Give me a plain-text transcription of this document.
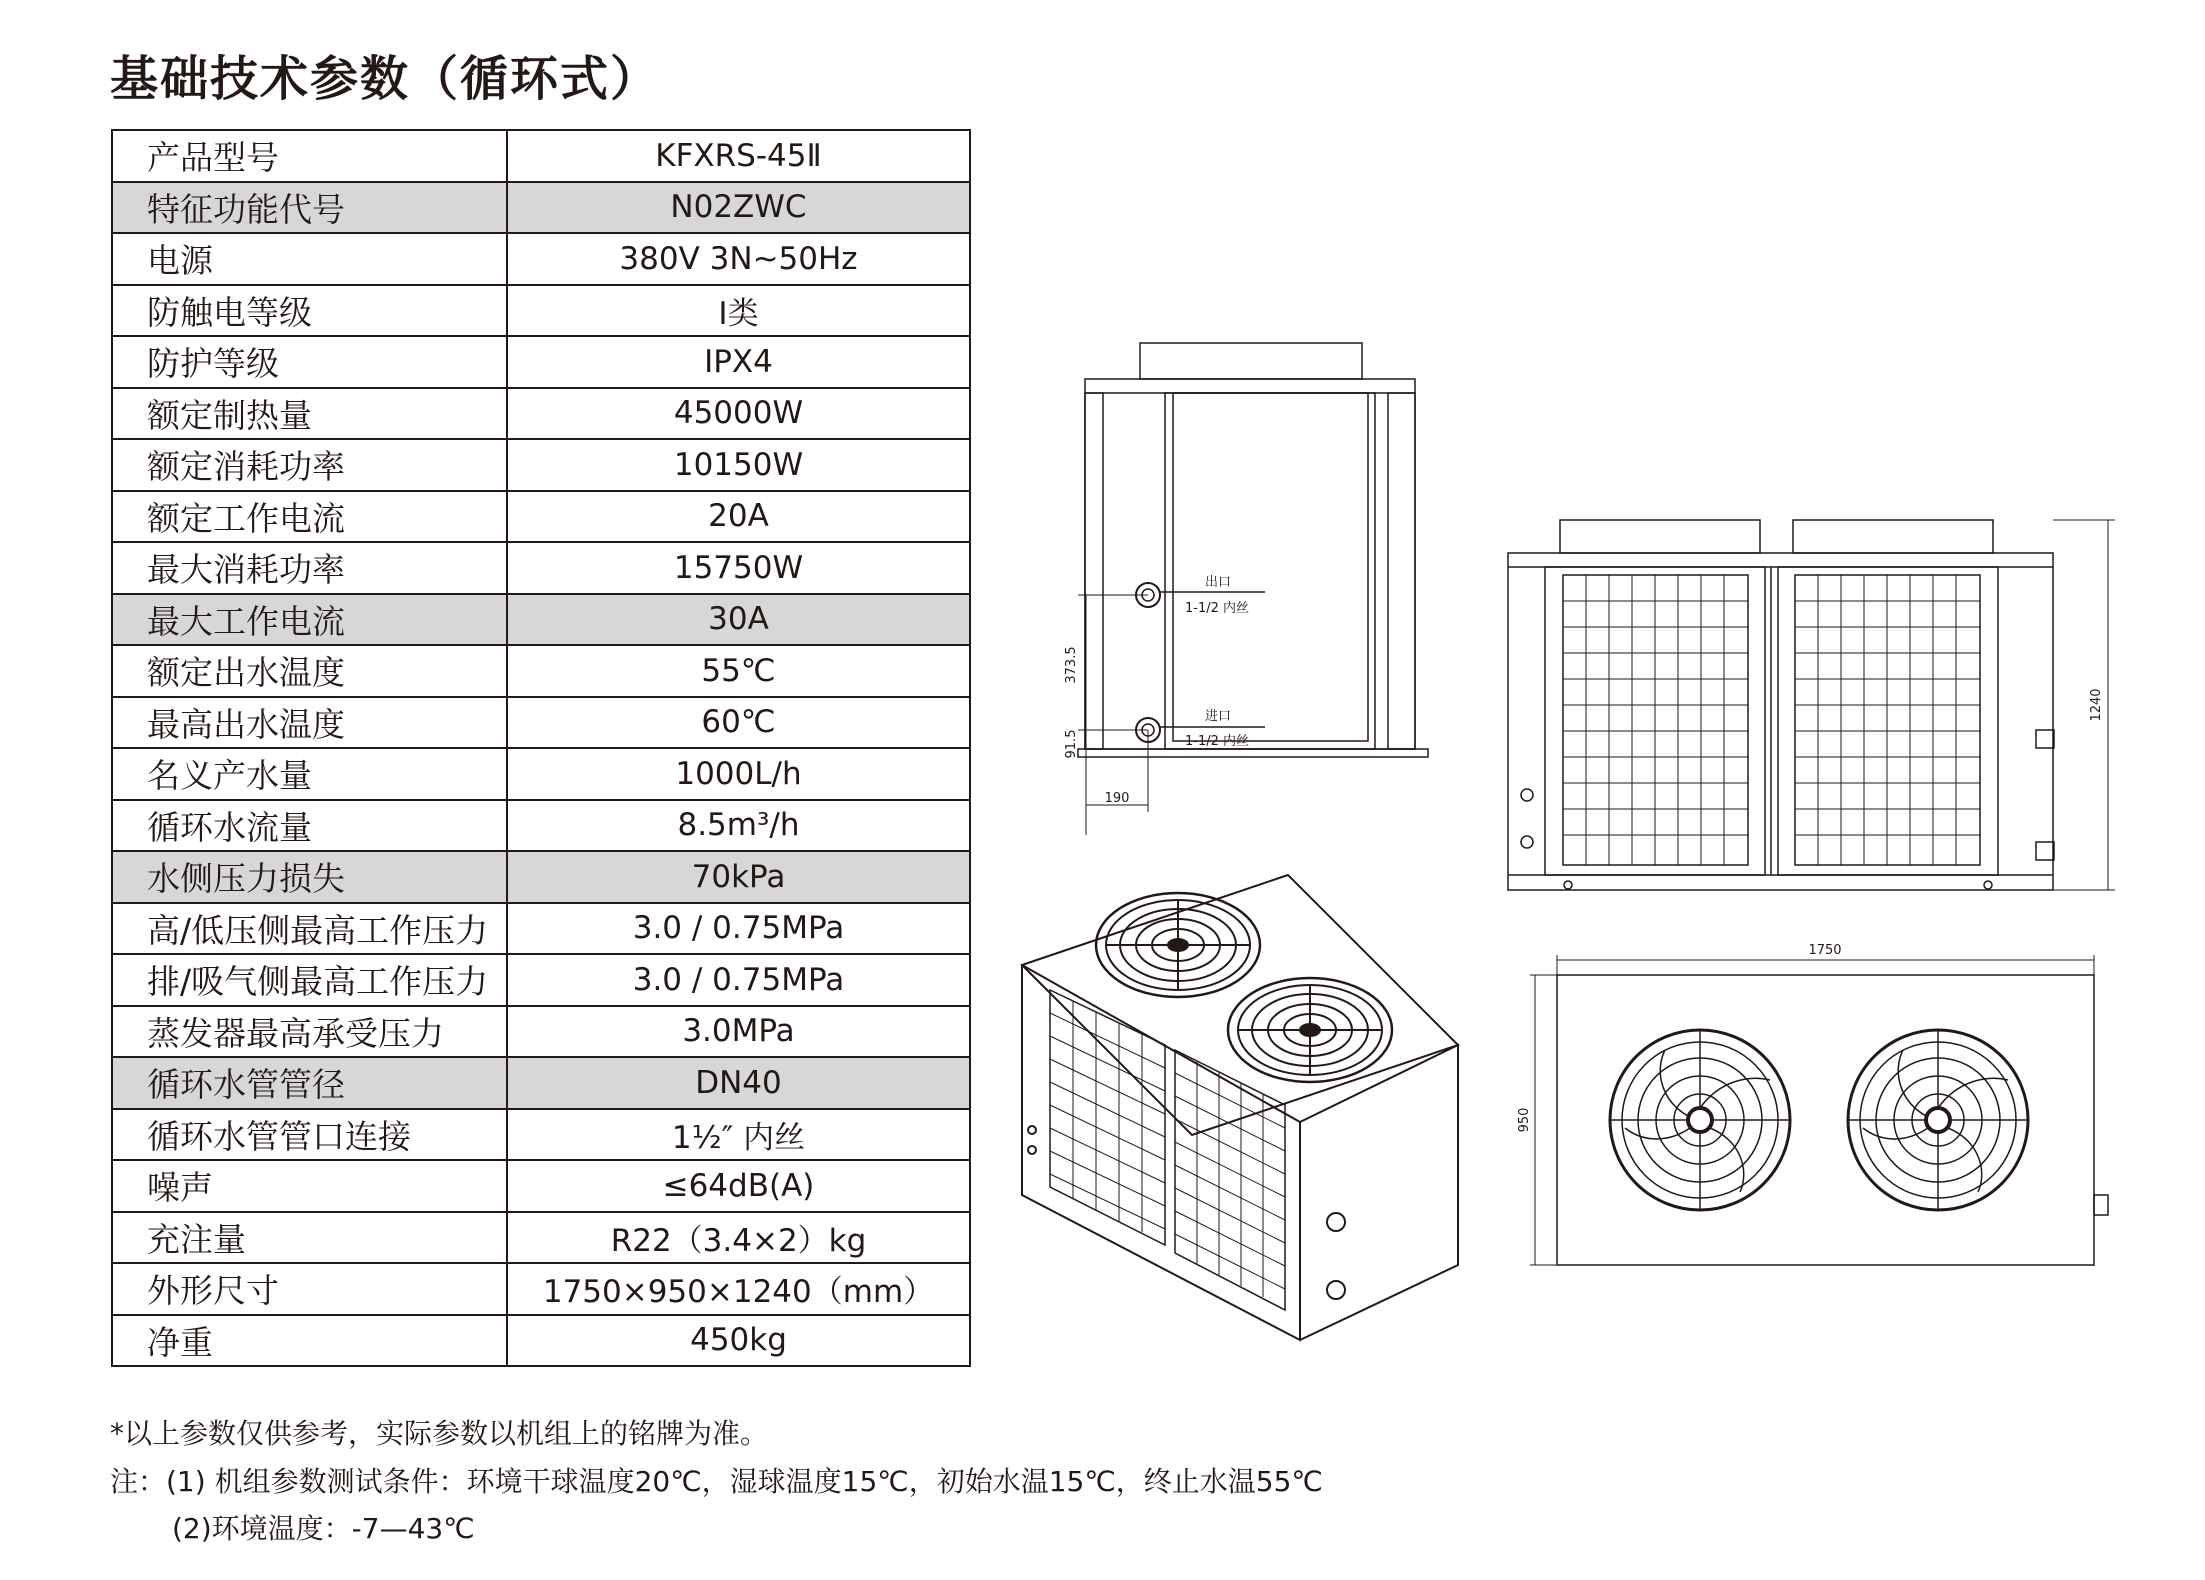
基础技术参数（循环式）
产品型号	KFXRS-45Ⅱ
特征功能代号	N02ZWC
电源	380V 3N~50Hz
防触电等级	Ⅰ类
防护等级	IPX4
额定制热量	45000W
额定消耗功率	10150W
额定工作电流	20A
最大消耗功率	15750W
最大工作电流	30A
额定出水温度	55℃
最高出水温度	60℃
名义产水量	1000L/h
循环水流量	8.5m³/h
水侧压力损失	70kPa
高/低压侧最高工作压力	3.0 / 0.75MPa
排/吸气侧最高工作压力	3.0 / 0.75MPa
蒸发器最高承受压力	3.0MPa
循环水管管径	DN40
循环水管管口连接	1½″ 内丝
噪声	≤64dB(A)
充注量	R22（3.4×2）kg
外形尺寸	1750×950×1240（mm）
净重	450kg
*以上参数仅供参考，实际参数以机组上的铭牌为准。
注：(1) 机组参数测试条件：环境干球温度20℃，湿球温度15℃，初始水温15℃，终止水温55℃
(2)环境温度：-7—43℃
出口
1-1/2 内丝
进口
1-1/2 内丝
373.5
91.5
190
1240
1750
950
